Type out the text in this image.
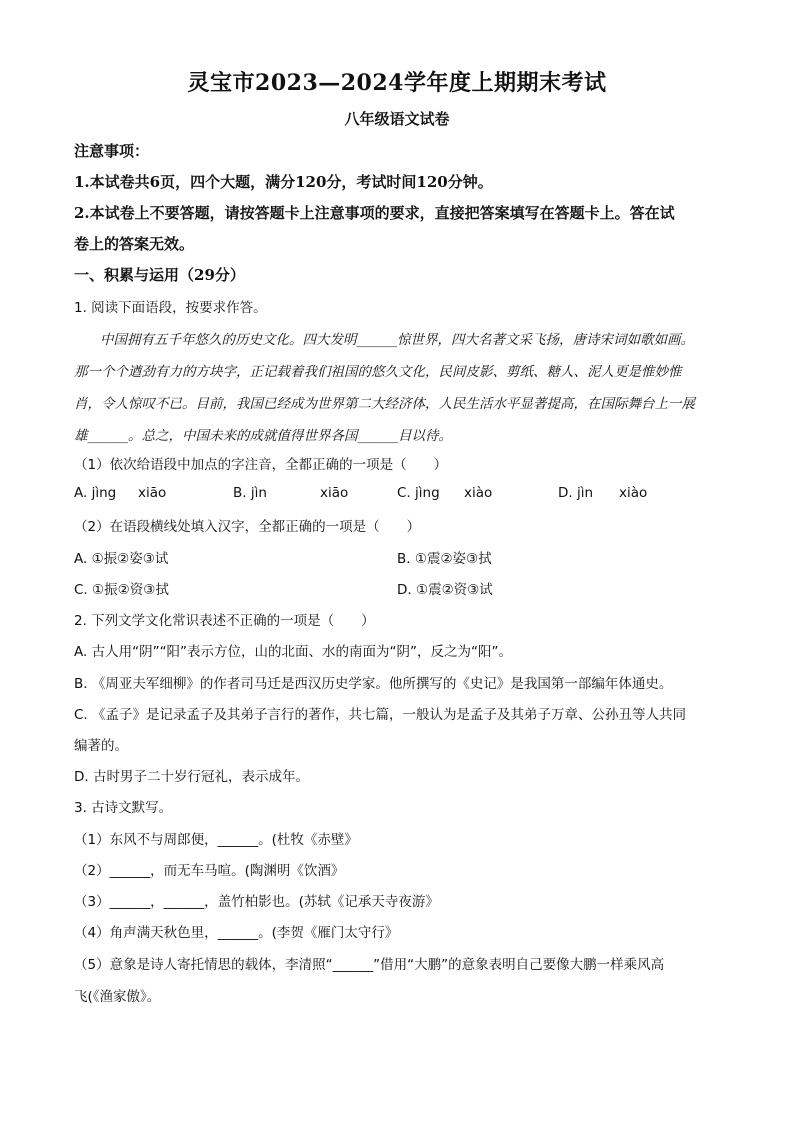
灵宝市2023—2024学年度上期期末考试
八年级语文试卷
注意事项：
1.本试卷共6页，四个大题，满分120分，考试时间120分钟。
2.本试卷上不要答题，请按答题卡上注意事项的要求，直接把答案填写在答题卡上。答在试
卷上的答案无效。
一、积累与运用（29分）
1. 阅读下面语段，按要求作答。
中国拥有五千年悠久的历史文化。四大发明______惊世界，四大名著文采飞扬，唐诗宋词如歌如画。
那一个个遒劲有力的方块字，正记载着我们祖国的悠久文化，民间皮影、剪纸、糖人、泥人更是惟妙惟
肖，令人惊叹不已。目前，我国已经成为世界第二大经济体，人民生活水平显著提高，在国际舞台上一展
雄______。总之，中国未来的成就值得世界各国______目以待。
（1）依次给语段中加点的字注音，全都正确的一项是（　　）
A. jìng xiāo	B. jìn	xiāo	C. jìng xiào	D. jìn xiào
（2）在语段横线处填入汉字，全都正确的一项是（　　）
A. ①振②姿③试	B. ①震②姿③拭
C. ①振②资③拭	D. ①震②资③试
2. 下列文学文化常识表述不正确的一项是（　　）
A. 古人用“阴”“阳”表示方位，山的北面、水的南面为“阴”，反之为“阳”。
B. 《周亚夫军细柳》的作者司马迁是西汉历史学家。他所撰写的《史记》是我国第一部编年体通史。
C. 《孟子》是记录孟子及其弟子言行的著作，共七篇，一般认为是孟子及其弟子万章、公孙丑等人共同
编著的。
D. 古时男子二十岁行冠礼，表示成年。
3. 古诗文默写。
（1）东风不与周郎便，______。(杜牧《赤壁》
（2）______，而无车马喧。(陶渊明《饮酒》
（3）______，______，盖竹柏影也。(苏轼《记承天寺夜游》
（4）角声满天秋色里，______。(李贺《雁门太守行》
（5）意象是诗人寄托情思的载体，李清照“______”借用“大鹏”的意象表明自己要像大鹏一样乘风高
飞(《渔家傲》。
